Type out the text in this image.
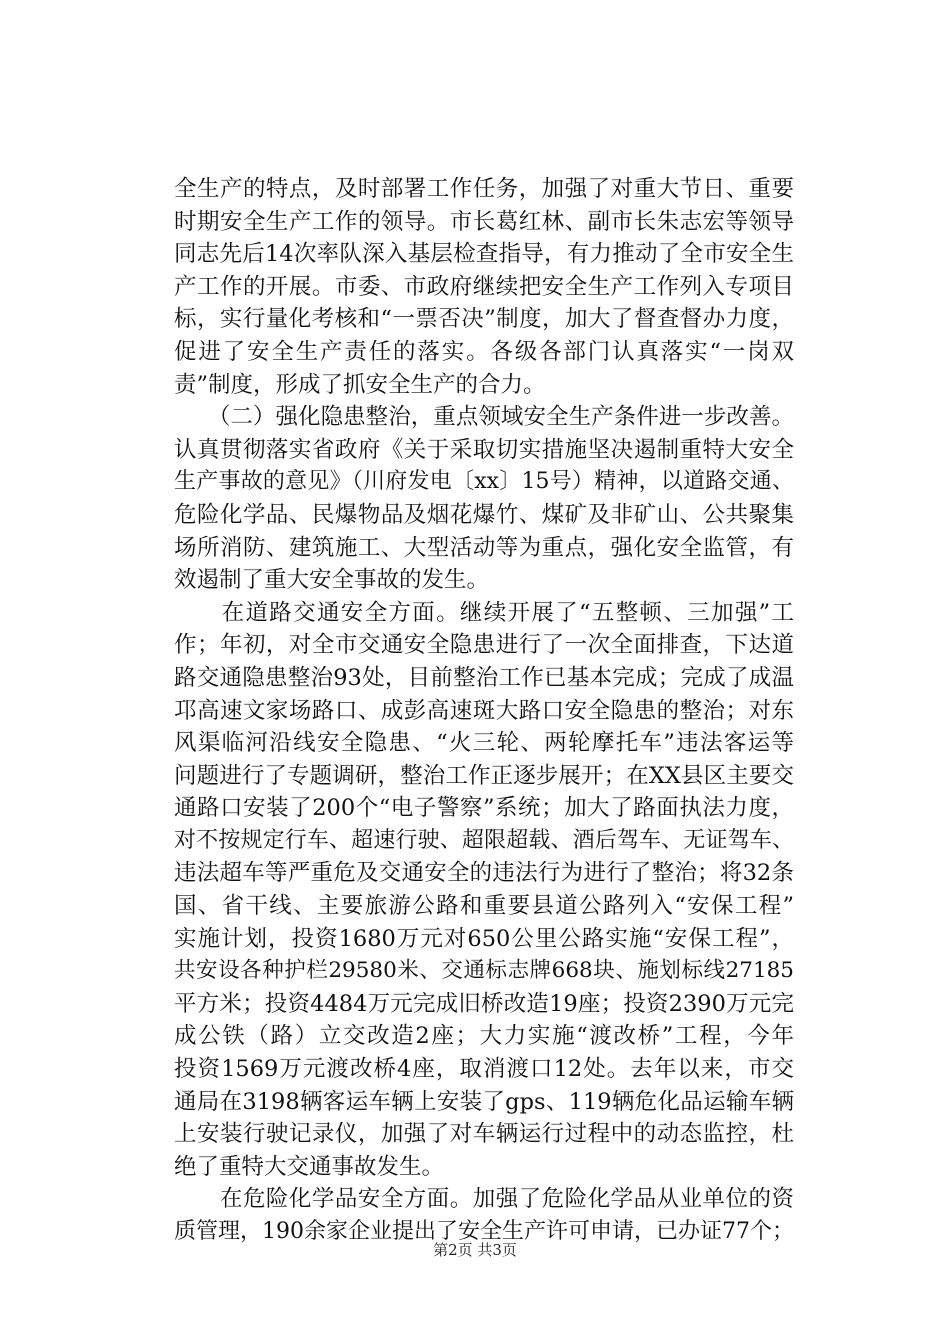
全生产的特点，及时部署工作任务，加强了对重大节日、重要
时期安全生产工作的领导。市长葛红林、副市长朱志宏等领导
同志先后14次率队深入基层检查指导，有力推动了全市安全生
产工作的开展。市委、市政府继续把安全生产工作列入专项目
标，实行量化考核和“一票否决”制度，加大了督查督办力度，
促进了安全生产责任的落实。各级各部门认真落实“一岗双
责”制度，形成了抓安全生产的合力。
　　（二）强化隐患整治，重点领域安全生产条件进一步改善。
认真贯彻落实省政府《关于采取切实措施坚决遏制重特大安全
生产事故的意见》（川府发电〔xx〕15号）精神，以道路交通、
危险化学品、民爆物品及烟花爆竹、煤矿及非矿山、公共聚集
场所消防、建筑施工、大型活动等为重点，强化安全监管，有
效遏制了重大安全事故的发生。
　　在道路交通安全方面。继续开展了“五整顿、三加强”工
作；年初，对全市交通安全隐患进行了一次全面排查，下达道
路交通隐患整治93处，目前整治工作已基本完成；完成了成温
邛高速文家场路口、成彭高速斑大路口安全隐患的整治；对东
风渠临河沿线安全隐患、“火三轮、两轮摩托车”违法客运等
问题进行了专题调研，整治工作正逐步展开；在XX县区主要交
通路口安装了200个“电子警察”系统；加大了路面执法力度，
对不按规定行车、超速行驶、超限超载、酒后驾车、无证驾车、
违法超车等严重危及交通安全的违法行为进行了整治；将32条
国、省干线、主要旅游公路和重要县道公路列入“安保工程”
实施计划，投资1680万元对650公里公路实施“安保工程”，
共安设各种护栏29580米、交通标志牌668块、施划标线27185
平方米；投资4484万元完成旧桥改造19座；投资2390万元完
成公铁（路）立交改造2座；大力实施“渡改桥”工程，今年
投资1569万元渡改桥4座，取消渡口12处。去年以来，市交
通局在3198辆客运车辆上安装了gps、119辆危化品运输车辆
上安装行驶记录仪，加强了对车辆运行过程中的动态监控，杜
绝了重特大交通事故发生。
　　在危险化学品安全方面。加强了危险化学品从业单位的资
质管理，190余家企业提出了安全生产许可申请，已办证77个；
第2页 共3页
